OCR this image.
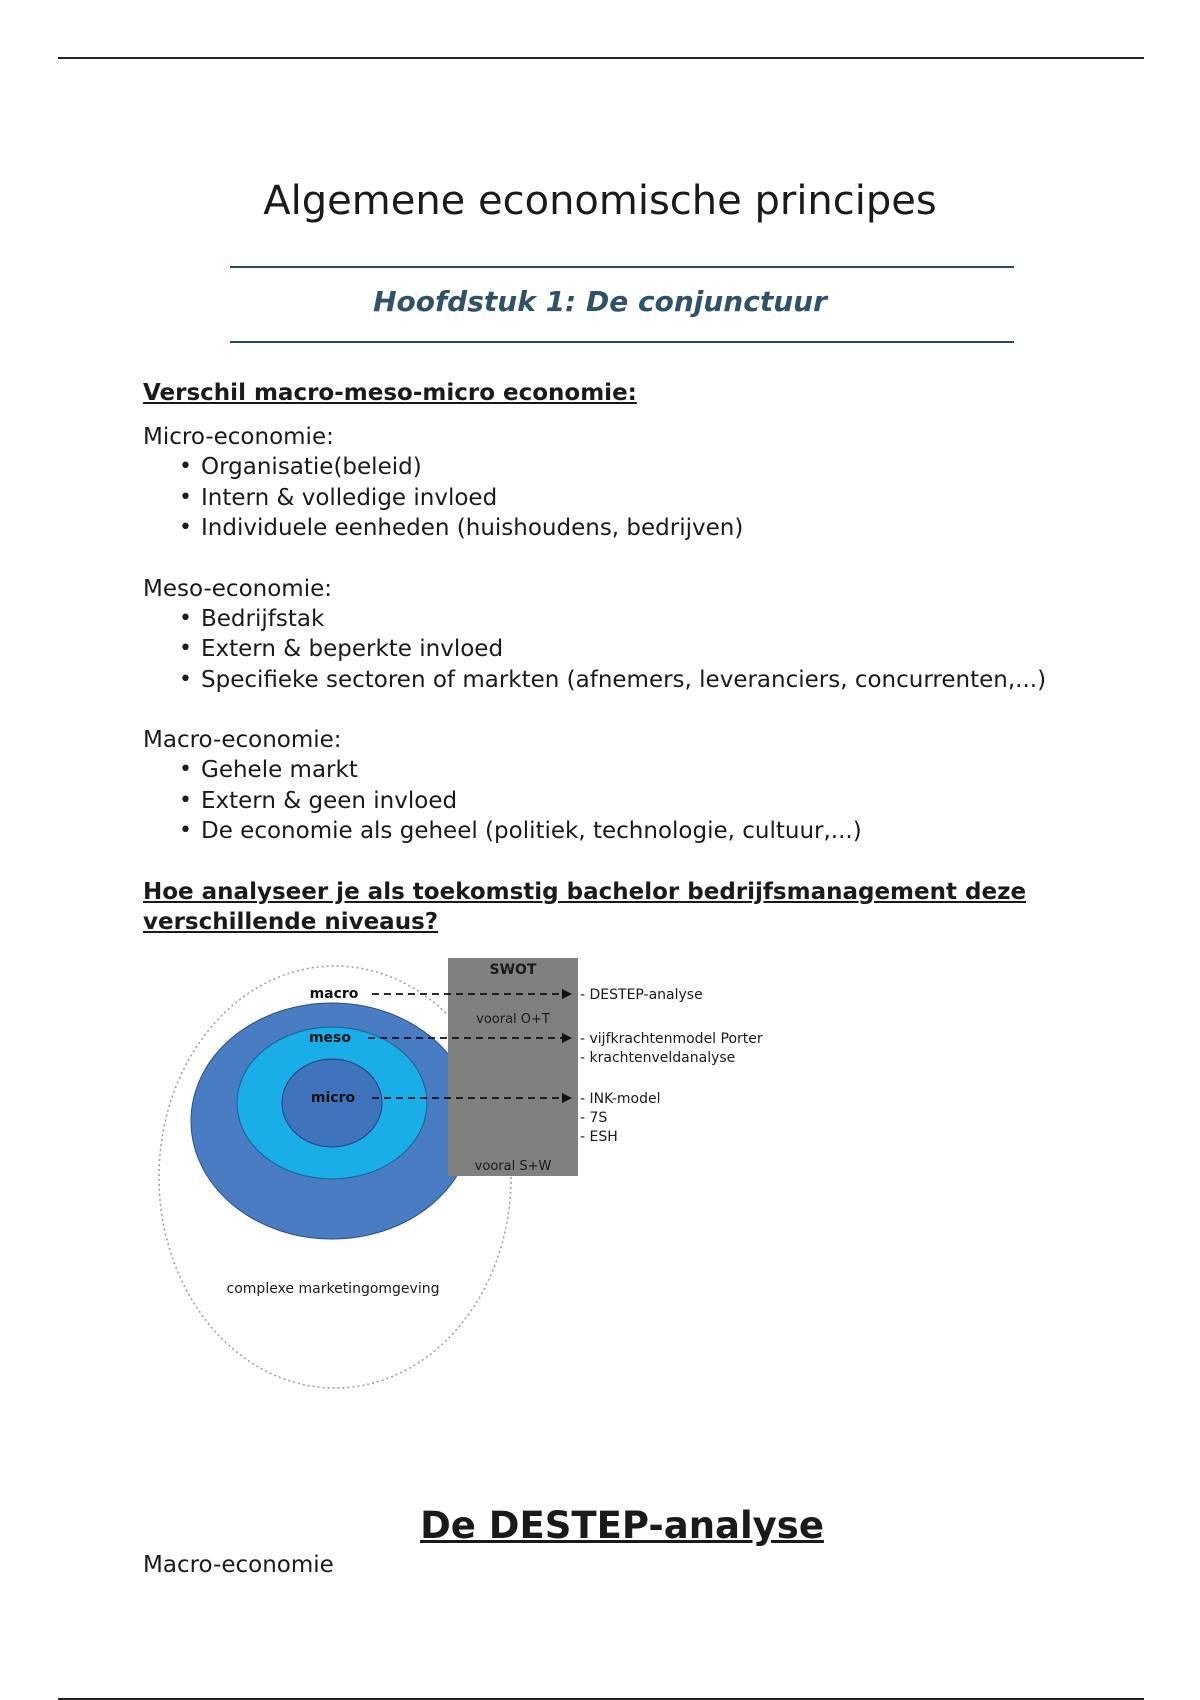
Algemene economische principes
Hoofdstuk 1: De conjunctuur

Verschil macro-meso-micro economie:

Micro-economie:

• Organisatie(beleid)
• Intern & volledige invloed
• Individuele eenheden (huishoudens, bedrijven)

Meso-economie:

• Bedrijfstak
• Extern & beperkte invloed
• Specifieke sectoren of markten (afnemers, leveranciers, concurrenten,...)

Macro-economie:

• Gehele markt
• Extern & geen invloed
• De economie als geheel (politiek, technologie, cultuur,...)

Hoe analyseer je als toekomstig bachelor bedrijfsmanagement deze verschillende niveaus?

SWOT
vooral O+T
vooral S+W
macro
meso
micro
- DESTEP-analyse
- vijfkrachtenmodel Porter
- krachtenveldanalyse
- INK-model
- 7S
- ESH
complexe marketingomgeving
De DESTEP-analyse

Macro-economie
